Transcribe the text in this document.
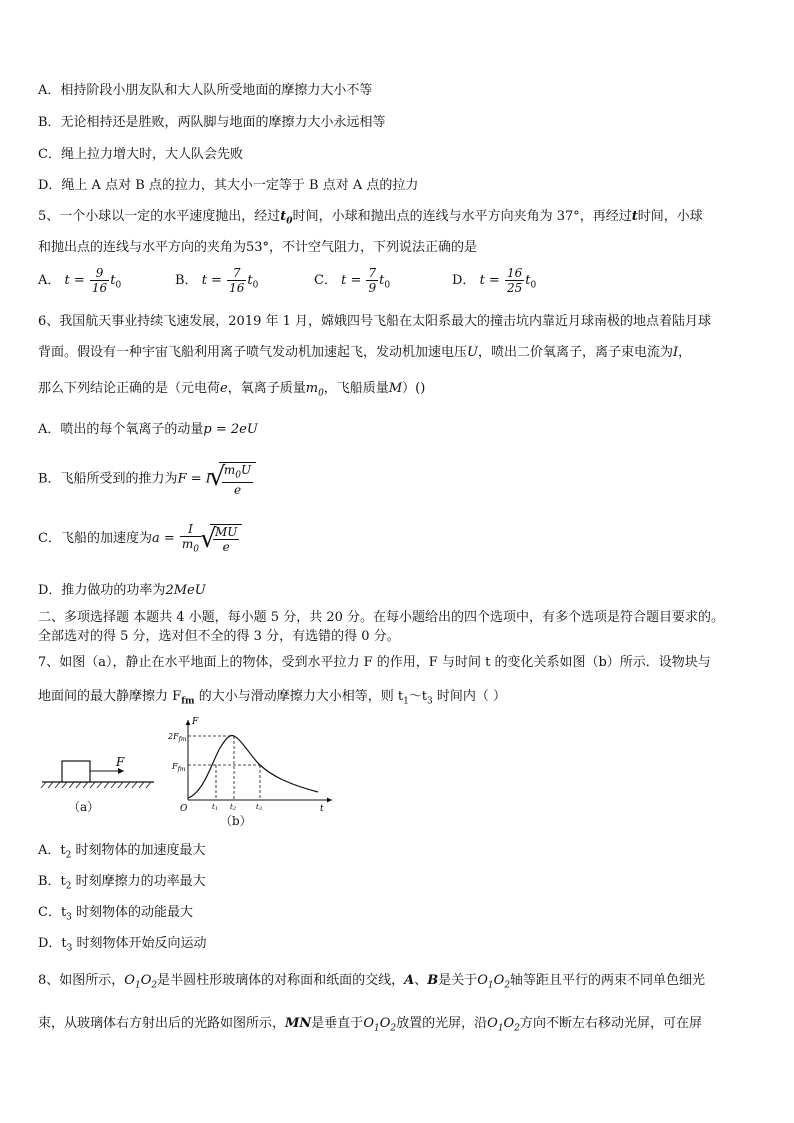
A．相持阶段小朋友队和大人队所受地面的摩擦力大小不等
B．无论相持还是胜败，两队脚与地面的摩擦力大小永远相等
C．绳上拉力增大时，大人队会先败
D．绳上 A 点对 B 点的拉力，其大小一定等于 B 点对 A 点的拉力
5、一个小球以一定的水平速度抛出，经过$t_0$时间，小球和抛出点的连线与水平方向夹角为 37°，再经过t时间，小球
和抛出点的连线与水平方向的夹角为53°，不计空气阻力，下列说法正确的是
A． $t = \frac{9}{16} t_0$	B． $t = \frac{7}{16} t_0$	C． $t = \frac{7}{9} t_0$	D． $t = \frac{16}{25} t_0$
6、我国航天事业持续飞速发展，2019 年 1 月，嫦娥四号飞船在太阳系最大的撞击坑内靠近月球南极的地点着陆月球
背面。假设有一种宇宙飞船利用离子喷气发动机加速起飞，发动机加速电压U，喷出二价氧离子，离子束电流为I，
那么下列结论正确的是（元电荷e，氧离子质量$m_0$，飞船质量M）()
A．喷出的每个氧离子的动量p = 2eU
B．飞船所受到的推力为F = I √ $\frac{m_0U}{e}$
C．飞船的加速度为$a = \frac{I}{m_0}$ √ $\frac{MU}{e}$
D．推力做功的功率为2MeU
二、多项选择题 本题共 4 小题，每小题 5 分，共 20 分。在每小题给出的四个选项中，有多个选项是符合题目要求的。
全部选对的得 5 分，选对但不全的得 3 分，有选错的得 0 分。
7、如图（a），静止在水平地面上的物体，受到水平拉力 F 的作用，F 与时间 t 的变化关系如图（b）所示．设物块与
地面间的最大静摩擦力 $F_{fm}$ 的大小与滑动摩擦力大小相等，则 $t_1\sim t_3$ 时间内（ ）
F
（a）
F
t
O
$2F_{fm}$
$F_{fm}$
t1 t2	t3
（b）
A．$t_2$ 时刻物体的加速度最大
B．$t_2$ 时刻摩擦力的功率最大
C．$t_3$ 时刻物体的动能最大
D．$t_3$ 时刻物体开始反向运动
8、如图所示，$O_1O_2$是半圆柱形玻璃体的对称面和纸面的交线，A、B是关于$O_1O_2$轴等距且平行的两束不同单色细光
束，从玻璃体右方射出后的光路如图所示，MN是垂直于$O_1O_2$放置的光屏，沿$O_1O_2$方向不断左右移动光屏，可在屏
